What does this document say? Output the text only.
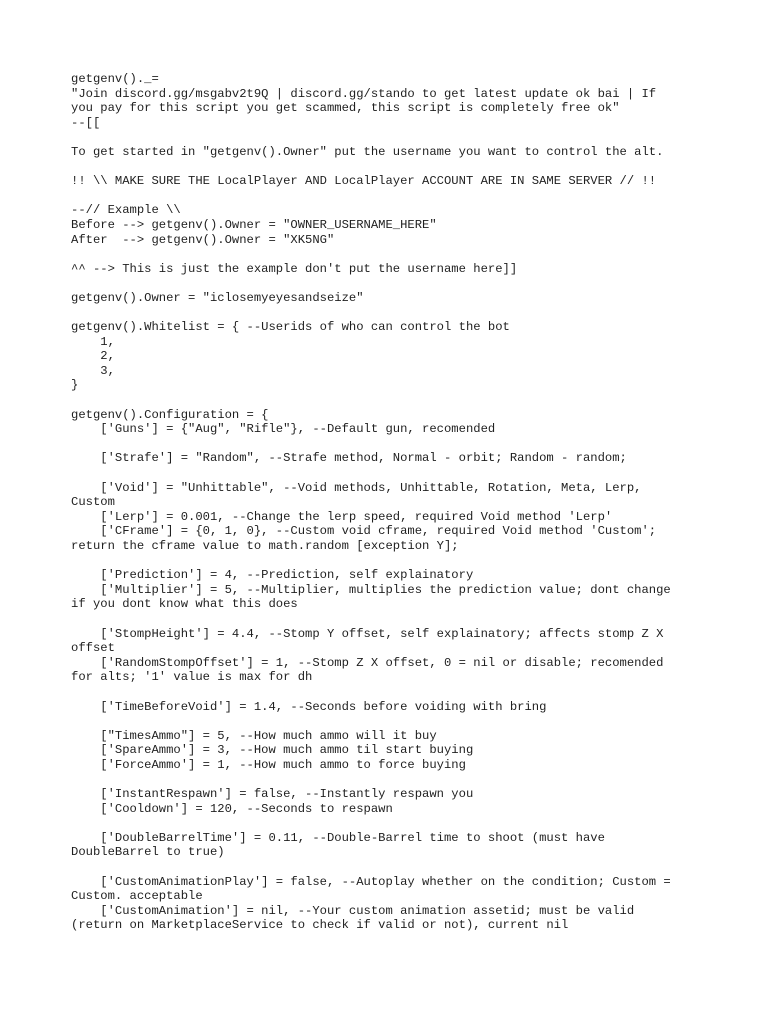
getgenv()._=
"Join discord.gg/msgabv2t9Q | discord.gg/stando to get latest update ok bai | If
you pay for this script you get scammed, this script is completely free ok"
--[[
To get started in "getgenv().Owner" put the username you want to control the alt.
!! \\ MAKE SURE THE LocalPlayer AND LocalPlayer ACCOUNT ARE IN SAME SERVER // !!
--// Example \\
Before --> getgenv().Owner = "OWNER_USERNAME_HERE"
After  --> getgenv().Owner = "XK5NG"
^^ --> This is just the example don't put the username here]]
getgenv().Owner = "iclosemyeyesandseize"
getgenv().Whitelist = { --Userids of who can control the bot
1,
2,
3,
}
getgenv().Configuration = {
['Guns'] = {"Aug", "Rifle"}, --Default gun, recomended
['Strafe'] = "Random", --Strafe method, Normal - orbit; Random - random;
['Void'] = "Unhittable", --Void methods, Unhittable, Rotation, Meta, Lerp,
Custom
['Lerp'] = 0.001, --Change the lerp speed, required Void method 'Lerp'
['CFrame'] = {0, 1, 0}, --Custom void cframe, required Void method 'Custom';
return the cframe value to math.random [exception Y];
['Prediction'] = 4, --Prediction, self explainatory
['Multiplier'] = 5, --Multiplier, multiplies the prediction value; dont change
if you dont know what this does
['StompHeight'] = 4.4, --Stomp Y offset, self explainatory; affects stomp Z X
offset
['RandomStompOffset'] = 1, --Stomp Z X offset, 0 = nil or disable; recomended
for alts; '1' value is max for dh
['TimeBeforeVoid'] = 1.4, --Seconds before voiding with bring
["TimesAmmo"] = 5, --How much ammo will it buy
['SpareAmmo'] = 3, --How much ammo til start buying
['ForceAmmo'] = 1, --How much ammo to force buying
['InstantRespawn'] = false, --Instantly respawn you
['Cooldown'] = 120, --Seconds to respawn
['DoubleBarrelTime'] = 0.11, --Double-Barrel time to shoot (must have
DoubleBarrel to true)
['CustomAnimationPlay'] = false, --Autoplay whether on the condition; Custom =
Custom. acceptable
['CustomAnimation'] = nil, --Your custom animation assetid; must be valid
(return on MarketplaceService to check if valid or not), current nil
